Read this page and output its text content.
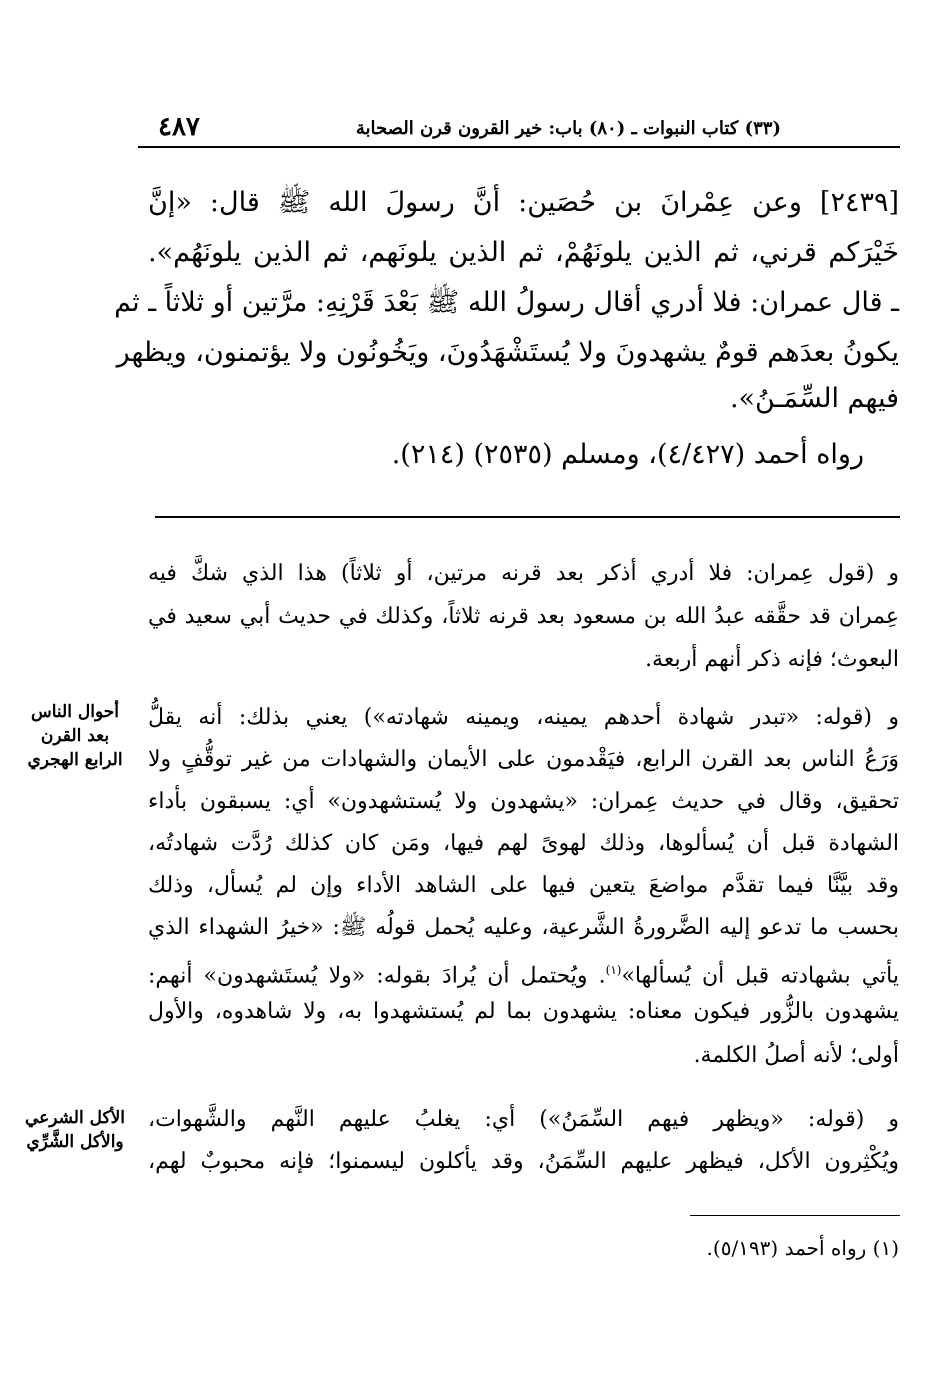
٤٨٧	(٣٣) كتاب النبوات ـ (٨٠) باب: خير القرون قرن الصحابة
[٢٤٣٩] وعن عِمْرانَ بن حُصَين: أنَّ رسولَ الله ﷺ قال: «إنَّ
خَيْرَكم قرني، ثم الذين يلونَهُمْ، ثم الذين يلونَهم، ثم الذين يلونَهُم».
ـ قال عمران: فلا أدري أقال رسولُ الله ﷺ بَعْدَ قَرْنِهِ: مرَّتين أو ثلاثاً ـ ثم
يكونُ بعدَهم قومٌ يشهدونَ ولا يُستَشْهَدُونَ، ويَخُونُون ولا يؤتمنون، ويظهر
فيهم السِّمَـنُ».
رواه أحمد (٤/٤٢٧)، ومسلم (٢٥٣٥) (٢١٤).
و (قول عِمران: فلا أدري أذكر بعد قرنه مرتين، أو ثلاثاً) هذا الذي شكَّ فيه
عِمران قد حقَّقه عبدُ الله بن مسعود بعد قرنه ثلاثاً، وكذلك في حديث أبي سعيد في
البعوث؛ فإنه ذكر أنهم أربعة.
و (قوله: «تبدر شهادة أحدهم يمينه، ويمينه شهادته») يعني بذلك: أنه يقلُّ
وَرَعُ الناس بعد القرن الرابع، فيَقْدمون على الأيمان والشهادات من غير توقُّفٍ ولا
تحقيق، وقال في حديث عِمران: «يشهدون ولا يُستشهدون» أي: يسبقون بأداء
الشهادة قبل أن يُسألوها، وذلك لهوىً لهم فيها، ومَن كان كذلك رُدَّت شهادتُه،
وقد بيَّنَّا فيما تقدَّم مواضعَ يتعين فيها على الشاهد الأداء وإن لم يُسأل، وذلك
بحسب ما تدعو إليه الضَّرورةُ الشَّرعية، وعليه يُحمل قولُه ﷺ: «خيرُ الشهداء الذي
يأتي بشهادته قبل أن يُسألها»$^{(١)}$. ويُحتمل أن يُرادَ بقوله: «ولا يُستَشهدون» أنهم:
يشهدون بالزُّور فيكون معناه: يشهدون بما لم يُستشهدوا به، ولا شاهدوه، والأول
أولى؛ لأنه أصلُ الكلمة.
و (قوله: «ويظهر فيهم السِّمَنُ») أي: يغلبُ عليهم النَّهم والشَّهوات،
ويُكْثِرون الأكل، فيظهر عليهم السِّمَنُ، وقد يأكلون ليسمنوا؛ فإنه محبوبٌ لهم،
أحوال الناس
بعد القرن
الرابع الهجري
الأكل الشرعي
والأكل الشَّرِّي
(١) رواه أحمد (٥/١٩٣).
